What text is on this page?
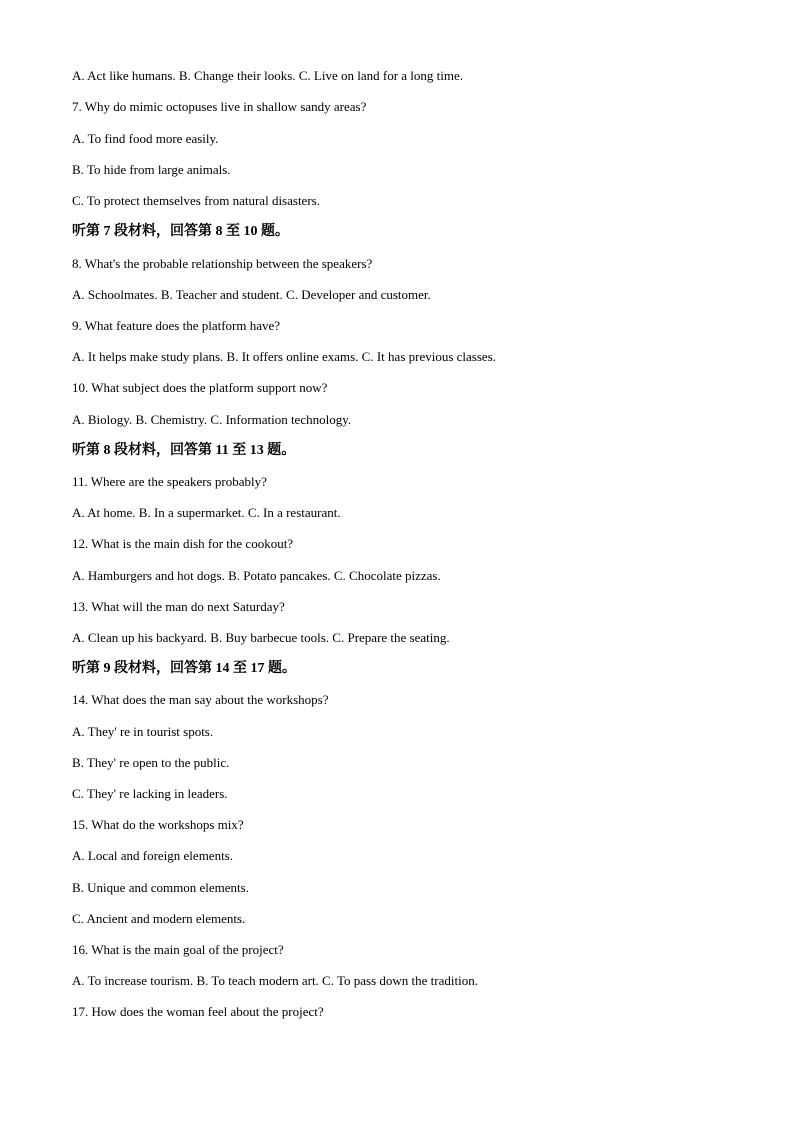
A. Act like humans. B. Change their looks. C. Live on land for a long time.
7. Why do mimic octopuses live in shallow sandy areas?
A. To find food more easily.
B. To hide from large animals.
C. To protect themselves from natural disasters.
听第 7 段材料，回答第 8 至 10 题。
8. What's the probable relationship between the speakers?
A. Schoolmates. B. Teacher and student. C. Developer and customer.
9. What feature does the platform have?
A. It helps make study plans. B. It offers online exams. C. It has previous classes.
10. What subject does the platform support now?
A. Biology. B. Chemistry. C. Information technology.
听第 8 段材料，回答第 11 至 13 题。
11. Where are the speakers probably?
A. At home. B. In a supermarket. C. In a restaurant.
12. What is the main dish for the cookout?
A. Hamburgers and hot dogs. B. Potato pancakes. C. Chocolate pizzas.
13. What will the man do next Saturday?
A. Clean up his backyard. B. Buy barbecue tools. C. Prepare the seating.
听第 9 段材料，回答第 14 至 17 题。
14. What does the man say about the workshops?
A. They' re in tourist spots.
B. They' re open to the public.
C. They' re lacking in leaders.
15. What do the workshops mix?
A. Local and foreign elements.
B. Unique and common elements.
C. Ancient and modern elements.
16. What is the main goal of the project?
A. To increase tourism. B. To teach modern art. C. To pass down the tradition.
17. How does the woman feel about the project?
